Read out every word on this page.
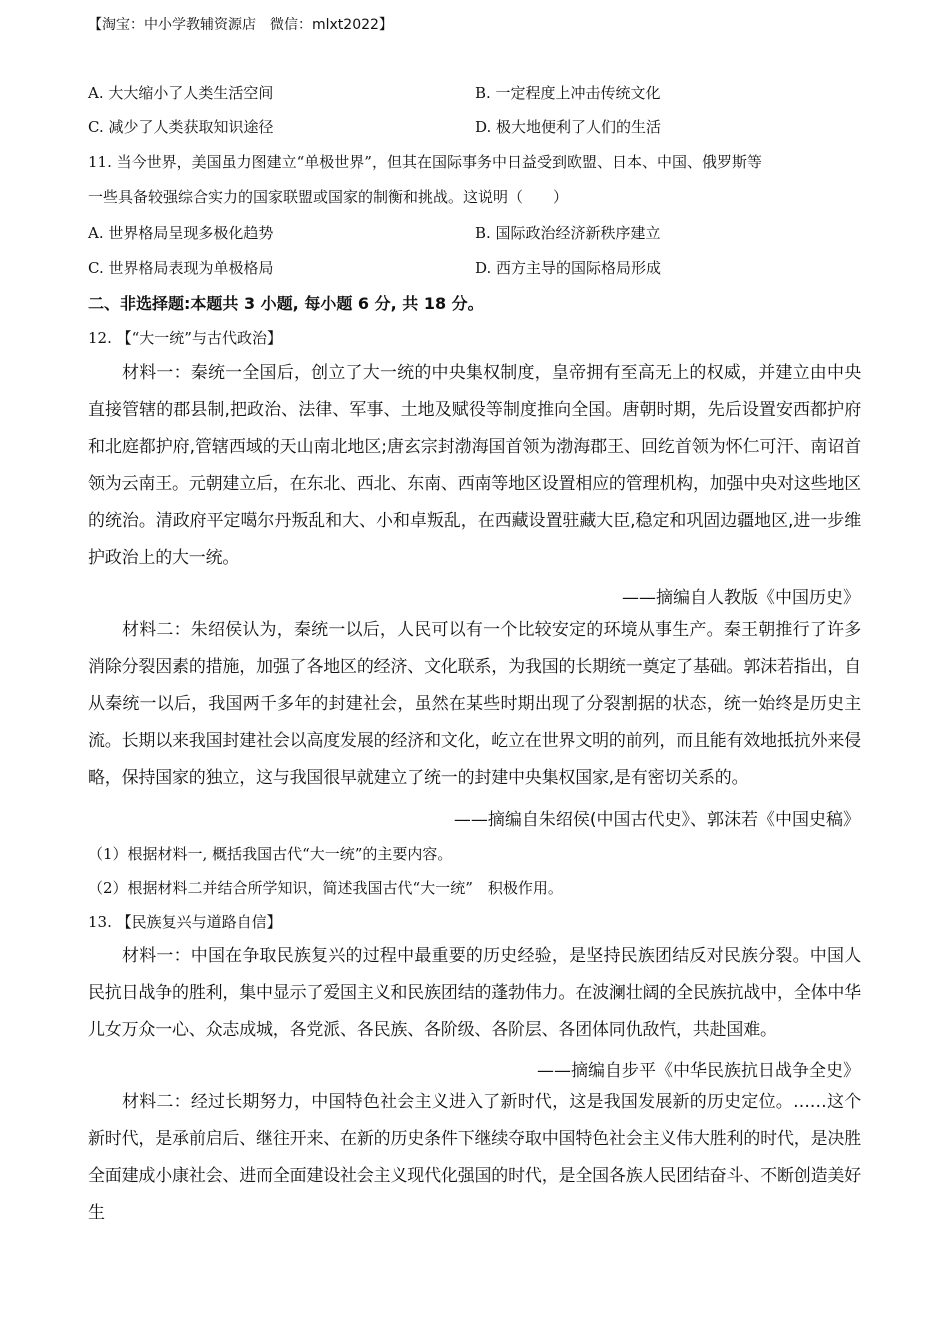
【淘宝：中小学教辅资源店　微信：mlxt2022】
A. 大大缩小了人类生活空间	B. 一定程度上冲击传统文化
C. 减少了人类获取知识途径	D. 极大地便利了人们的生活
11. 当今世界，美国虽力图建立“单极世界”，但其在国际事务中日益受到欧盟、日本、中国、俄罗斯等
一些具备较强综合实力的国家联盟或国家的制衡和挑战。这说明（　　）
A. 世界格局呈现多极化趋势	B. 国际政治经济新秩序建立
C. 世界格局表现为单极格局	D. 西方主导的国际格局形成
二、非选择题:本题共 3 小题, 每小题 6 分, 共 18 分。
12. 【“大一统”与古代政治】
材料一：秦统一全国后，创立了大一统的中央集权制度，皇帝拥有至高无上的权威，并建立由中央直接管辖的郡县制,把政治、法律、军事、土地及赋役等制度推向全国。唐朝时期，先后设置安西都护府和北庭都护府,管辖西域的天山南北地区;唐玄宗封渤海国首领为渤海郡王、回纥首领为怀仁可汗、南诏首领为云南王。元朝建立后，在东北、西北、东南、西南等地区设置相应的管理机构，加强中央对这些地区的统治。清政府平定噶尔丹叛乱和大、小和卓叛乱，在西藏设置驻藏大臣,稳定和巩固边疆地区,进一步维护政治上的大一统。
——摘编自人教版《中国历史》
材料二：朱绍侯认为，秦统一以后，人民可以有一个比较安定的环境从事生产。秦王朝推行了许多消除分裂因素的措施，加强了各地区的经济、文化联系，为我国的长期统一奠定了基础。郭沫若指出，自从秦统一以后，我国两千多年的封建社会，虽然在某些时期出现了分裂割据的状态，统一始终是历史主流。长期以来我国封建社会以高度发展的经济和文化，屹立在世界文明的前列，而且能有效地抵抗外来侵略，保持国家的独立，这与我国很早就建立了统一的封建中央集权国家,是有密切关系的。
——摘编自朱绍侯(中国古代史》、郭沫若《中国史稿》
（1）根据材料一, 概括我国古代“大一统”的主要内容。
（2）根据材料二并结合所学知识，简述我国古代“大一统”　积极作用。
13. 【民族复兴与道路自信】
材料一：中国在争取民族复兴的过程中最重要的历史经验，是坚持民族团结反对民族分裂。中国人民抗日战争的胜利，集中显示了爱国主义和民族团结的蓬勃伟力。在波澜壮阔的全民族抗战中，全体中华儿女万众一心、众志成城，各党派、各民族、各阶级、各阶层、各团体同仇敌忾，共赴国难。
——摘编自步平《中华民族抗日战争全史》
材料二：经过长期努力，中国特色社会主义进入了新时代，这是我国发展新的历史定位。……这个新时代，是承前启后、继往开来、在新的历史条件下继续夺取中国特色社会主义伟大胜利的时代，是决胜全面建成小康社会、进而全面建设社会主义现代化强国的时代，是全国各族人民团结奋斗、不断创造美好生
